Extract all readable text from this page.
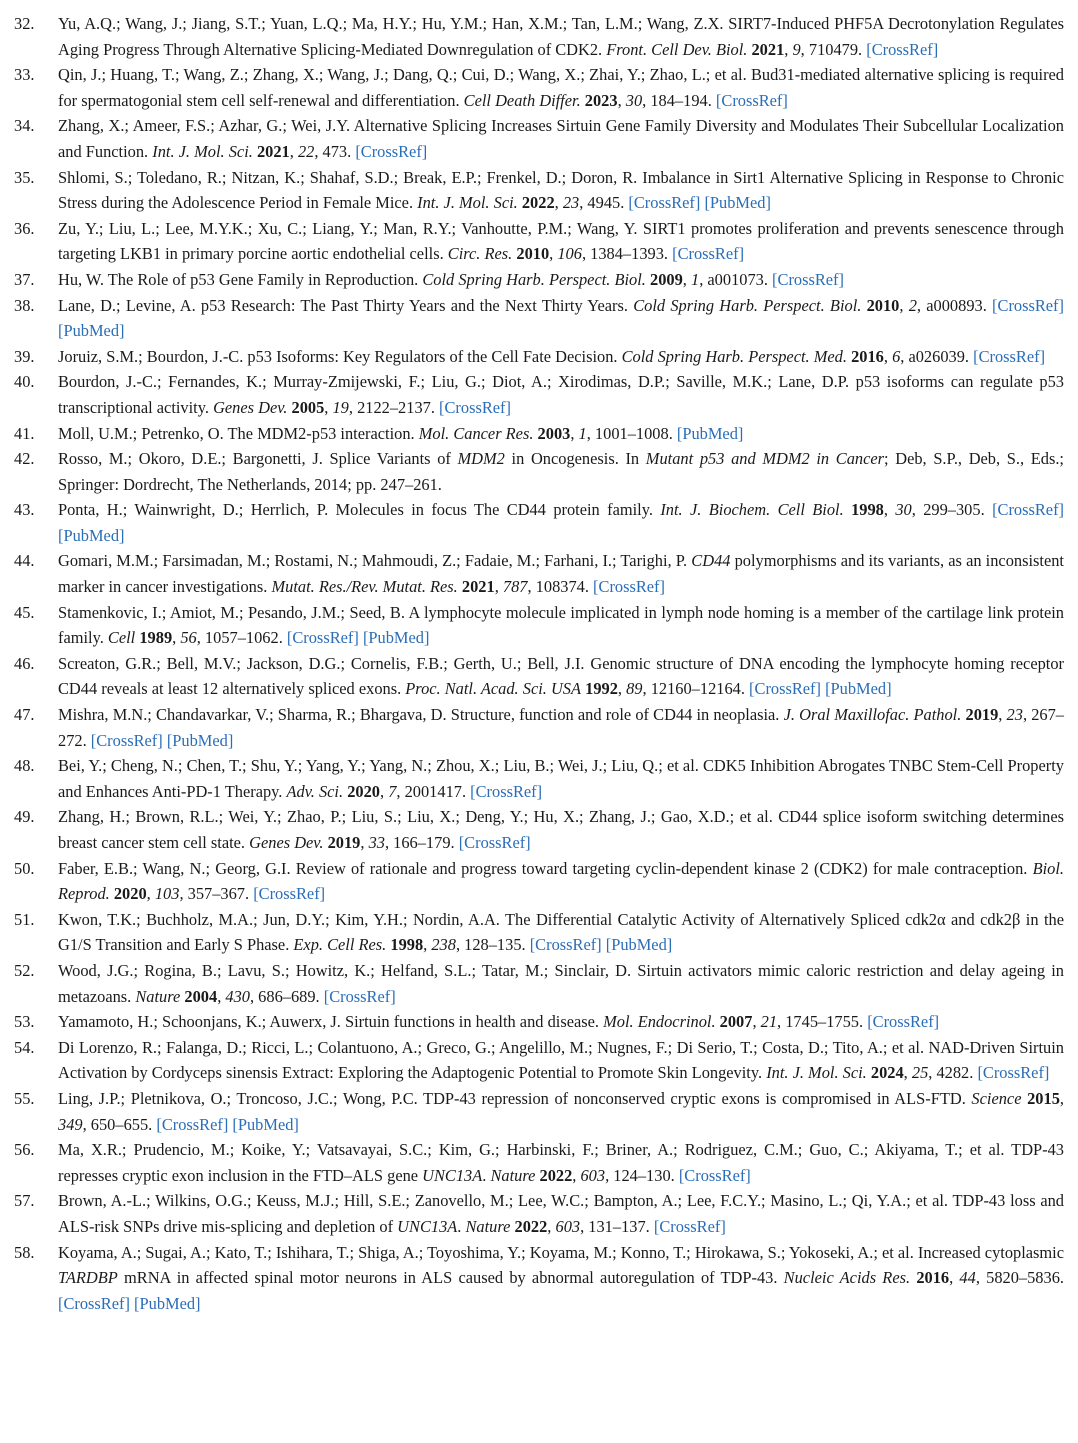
32.	Yu, A.Q.; Wang, J.; Jiang, S.T.; Yuan, L.Q.; Ma, H.Y.; Hu, Y.M.; Han, X.M.; Tan, L.M.; Wang, Z.X. SIRT7-Induced PHF5A Decrotonylation Regulates Aging Progress Through Alternative Splicing-Mediated Downregulation of CDK2. Front. Cell Dev. Biol. 2021, 9, 710479. [CrossRef]

33.	Qin, J.; Huang, T.; Wang, Z.; Zhang, X.; Wang, J.; Dang, Q.; Cui, D.; Wang, X.; Zhai, Y.; Zhao, L.; et al. Bud31-mediated alternative splicing is required for spermatogonial stem cell self-renewal and differentiation. Cell Death Differ. 2023, 30, 184–194. [CrossRef]

34.	Zhang, X.; Ameer, F.S.; Azhar, G.; Wei, J.Y. Alternative Splicing Increases Sirtuin Gene Family Diversity and Modulates Their Subcellular Localization and Function. Int. J. Mol. Sci. 2021, 22, 473. [CrossRef]

35.	Shlomi, S.; Toledano, R.; Nitzan, K.; Shahaf, S.D.; Break, E.P.; Frenkel, D.; Doron, R. Imbalance in Sirt1 Alternative Splicing in Response to Chronic Stress during the Adolescence Period in Female Mice. Int. J. Mol. Sci. 2022, 23, 4945. [CrossRef] [PubMed]

36.	Zu, Y.; Liu, L.; Lee, M.Y.K.; Xu, C.; Liang, Y.; Man, R.Y.; Vanhoutte, P.M.; Wang, Y. SIRT1 promotes proliferation and prevents senescence through targeting LKB1 in primary porcine aortic endothelial cells. Circ. Res. 2010, 106, 1384–1393. [CrossRef]

37.	Hu, W. The Role of p53 Gene Family in Reproduction. Cold Spring Harb. Perspect. Biol. 2009, 1, a001073. [CrossRef]

38.	Lane, D.; Levine, A. p53 Research: The Past Thirty Years and the Next Thirty Years. Cold Spring Harb. Perspect. Biol. 2010, 2, a000893. [CrossRef] [PubMed]

39.	Joruiz, S.M.; Bourdon, J.-C. p53 Isoforms: Key Regulators of the Cell Fate Decision. Cold Spring Harb. Perspect. Med. 2016, 6, a026039. [CrossRef]

40.	Bourdon, J.-C.; Fernandes, K.; Murray-Zmijewski, F.; Liu, G.; Diot, A.; Xirodimas, D.P.; Saville, M.K.; Lane, D.P. p53 isoforms can regulate p53 transcriptional activity. Genes Dev. 2005, 19, 2122–2137. [CrossRef]

41.	Moll, U.M.; Petrenko, O. The MDM2-p53 interaction. Mol. Cancer Res. 2003, 1, 1001–1008. [PubMed]

42.	Rosso, M.; Okoro, D.E.; Bargonetti, J. Splice Variants of MDM2 in Oncogenesis. In Mutant p53 and MDM2 in Cancer; Deb, S.P., Deb, S., Eds.; Springer: Dordrecht, The Netherlands, 2014; pp. 247–261.

43.	Ponta, H.; Wainwright, D.; Herrlich, P. Molecules in focus The CD44 protein family. Int. J. Biochem. Cell Biol. 1998, 30, 299–305. [CrossRef] [PubMed]

44.	Gomari, M.M.; Farsimadan, M.; Rostami, N.; Mahmoudi, Z.; Fadaie, M.; Farhani, I.; Tarighi, P. CD44 polymorphisms and its variants, as an inconsistent marker in cancer investigations. Mutat. Res./Rev. Mutat. Res. 2021, 787, 108374. [CrossRef]

45.	Stamenkovic, I.; Amiot, M.; Pesando, J.M.; Seed, B. A lymphocyte molecule implicated in lymph node homing is a member of the cartilage link protein family. Cell 1989, 56, 1057–1062. [CrossRef] [PubMed]

46.	Screaton, G.R.; Bell, M.V.; Jackson, D.G.; Cornelis, F.B.; Gerth, U.; Bell, J.I. Genomic structure of DNA encoding the lymphocyte homing receptor CD44 reveals at least 12 alternatively spliced exons. Proc. Natl. Acad. Sci. USA 1992, 89, 12160–12164. [CrossRef] [PubMed]

47.	Mishra, M.N.; Chandavarkar, V.; Sharma, R.; Bhargava, D. Structure, function and role of CD44 in neoplasia. J. Oral Maxillofac. Pathol. 2019, 23, 267–272. [CrossRef] [PubMed]

48.	Bei, Y.; Cheng, N.; Chen, T.; Shu, Y.; Yang, Y.; Yang, N.; Zhou, X.; Liu, B.; Wei, J.; Liu, Q.; et al. CDK5 Inhibition Abrogates TNBC Stem-Cell Property and Enhances Anti-PD-1 Therapy. Adv. Sci. 2020, 7, 2001417. [CrossRef]

49.	Zhang, H.; Brown, R.L.; Wei, Y.; Zhao, P.; Liu, S.; Liu, X.; Deng, Y.; Hu, X.; Zhang, J.; Gao, X.D.; et al. CD44 splice isoform switching determines breast cancer stem cell state. Genes Dev. 2019, 33, 166–179. [CrossRef]

50.	Faber, E.B.; Wang, N.; Georg, G.I. Review of rationale and progress toward targeting cyclin-dependent kinase 2 (CDK2) for male contraception. Biol. Reprod. 2020, 103, 357–367. [CrossRef]

51.	Kwon, T.K.; Buchholz, M.A.; Jun, D.Y.; Kim, Y.H.; Nordin, A.A. The Differential Catalytic Activity of Alternatively Spliced cdk2α and cdk2β in the G1/S Transition and Early S Phase. Exp. Cell Res. 1998, 238, 128–135. [CrossRef] [PubMed]

52.	Wood, J.G.; Rogina, B.; Lavu, S.; Howitz, K.; Helfand, S.L.; Tatar, M.; Sinclair, D. Sirtuin activators mimic caloric restriction and delay ageing in metazoans. Nature 2004, 430, 686–689. [CrossRef]

53.	Yamamoto, H.; Schoonjans, K.; Auwerx, J. Sirtuin functions in health and disease. Mol. Endocrinol. 2007, 21, 1745–1755. [CrossRef]

54.	Di Lorenzo, R.; Falanga, D.; Ricci, L.; Colantuono, A.; Greco, G.; Angelillo, M.; Nugnes, F.; Di Serio, T.; Costa, D.; Tito, A.; et al. NAD-Driven Sirtuin Activation by Cordyceps sinensis Extract: Exploring the Adaptogenic Potential to Promote Skin Longevity. Int. J. Mol. Sci. 2024, 25, 4282. [CrossRef]

55.	Ling, J.P.; Pletnikova, O.; Troncoso, J.C.; Wong, P.C. TDP-43 repression of nonconserved cryptic exons is compromised in ALS-FTD. Science 2015, 349, 650–655. [CrossRef] [PubMed]

56.	Ma, X.R.; Prudencio, M.; Koike, Y.; Vatsavayai, S.C.; Kim, G.; Harbinski, F.; Briner, A.; Rodriguez, C.M.; Guo, C.; Akiyama, T.; et al. TDP-43 represses cryptic exon inclusion in the FTD–ALS gene UNC13A. Nature 2022, 603, 124–130. [CrossRef]

57.	Brown, A.-L.; Wilkins, O.G.; Keuss, M.J.; Hill, S.E.; Zanovello, M.; Lee, W.C.; Bampton, A.; Lee, F.C.Y.; Masino, L.; Qi, Y.A.; et al. TDP-43 loss and ALS-risk SNPs drive mis-splicing and depletion of UNC13A. Nature 2022, 603, 131–137. [CrossRef]

58.	Koyama, A.; Sugai, A.; Kato, T.; Ishihara, T.; Shiga, A.; Toyoshima, Y.; Koyama, M.; Konno, T.; Hirokawa, S.; Yokoseki, A.; et al. Increased cytoplasmic TARDBP mRNA in affected spinal motor neurons in ALS caused by abnormal autoregulation of TDP-43. Nucleic Acids Res. 2016, 44, 5820–5836. [CrossRef] [PubMed]
